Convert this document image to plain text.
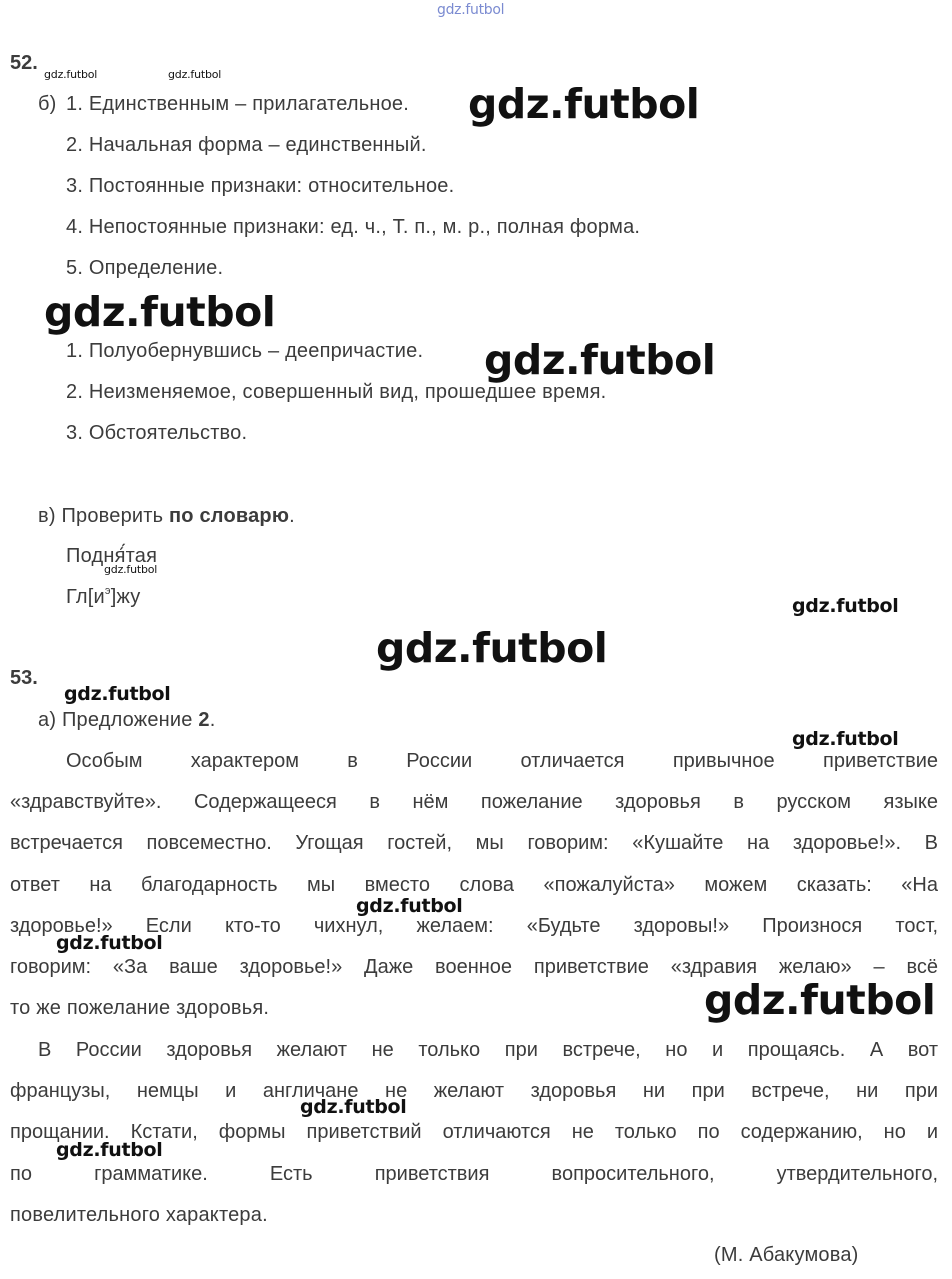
gdz.futbol
52.
gdz.futbol	gdz.futbol
б) 1. Единственным – прилагательное.
2. Начальная форма – единственный.
3. Постоянные признаки: относительное.
4. Непостоянные признаки: ед. ч., Т. п., м. р., полная форма.
5. Определение.
gdz.futbol
gdz.futbol
1. Полуобернувшись – деепричастие.
2. Неизменяемое, совершенный вид, прошедшее время.
3. Обстоятельство.
gdz.futbol
в) Проверить по словарю.
Поднятая
gdz.futbol
$Гл[и^э]жу$	gdz.futbol
gdz.futbol
53.
gdz.futbol
а) Предложение 2.
gdz.futbol
Особым характером в России отличается привычное приветствие
«здравствуйте». Содержащееся в нём пожелание здоровья в русском языке
встречается повсеместно. Угощая гостей, мы говорим: «Кушайте на здоровье!». В
ответ на благодарность мы вместо слова «пожалуйста» можем сказать: «На
здоровье!» Если кто-то чихнул, желаем: «Будьте здоровы!» Произнося тост,
говорим: «За ваше здоровье!» Даже военное приветствие «здравия желаю» – всё
то же пожелание здоровья.
gdz.futbol
gdz.futbol
gdz.futbol
В России здоровья желают не только при встрече, но и прощаясь. А вот
французы, немцы и англичане не желают здоровья ни при встрече, ни при
прощании. Кстати, формы приветствий отличаются не только по содержанию, но и
по грамматике. Есть приветствия вопросительного, утвердительного,
повелительного характера.
gdz.futbol
gdz.futbol
(М. Абакумова)
